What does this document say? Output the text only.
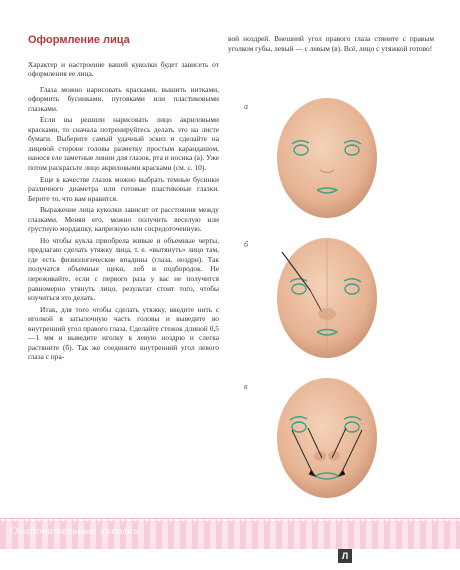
Оформление лица

Характер и настроение вашей куколки будет зависеть от оформления ее лица.

Глаза можно нарисовать красками, вышить нитками, оформить бусинками, пуговками или пластиковыми глазками.

Если вы решили нарисовать лицо акриловыми красками, то сначала потренируйтесь делать это на листе бумаги. Выберите самый удачный эскиз и сделайте на лицевой стороне головы разметку простым карандашом, нанося еле заметные линии для глазок, рта и носика (а). Уже потом раскрасьте лицо акриловыми красками (см. с. 10).

Еще в качестве глазок можно выбрать темные бусинки различного диаметра или готовые пластиковые глазки. Берите то, что вам нравится.

Выражение лица куколки зависит от расстояния между глазками. Меняя его, можно получить веселую или грустную мордашку, капризную или сосредоточенную.

Но чтобы кукла приобрела живые и объемные черты, предлагаю сделать утяжку лица, т. е. «вытянуть» лицо там, где есть физиологические впадины (глаза, ноздри). Так получатся объемные щеки, лоб и подбородок. Не переживайте, если с первого раза у вас не получится равномерно утянуть лицо, результат стоит того, чтобы изучиться это делать.

Итак, для того чтобы сделать утяжку, введите нить с иголкой в затылочную часть головы и выведите во внутренний угол правого глаза. Сделайте стежок длиной 0,5—1 мм и выведите иголку в левую ноздрю и слегка растяните (б). Так же соедините внутренний угол левого глаза с пра-

вой ноздрей. Внешний угол правого глаза стяните с правым уголком губы, левый — с левым (в). Всё, лицо с утяжкой готово!

а
б
в
Очаровательные куколки
Л
